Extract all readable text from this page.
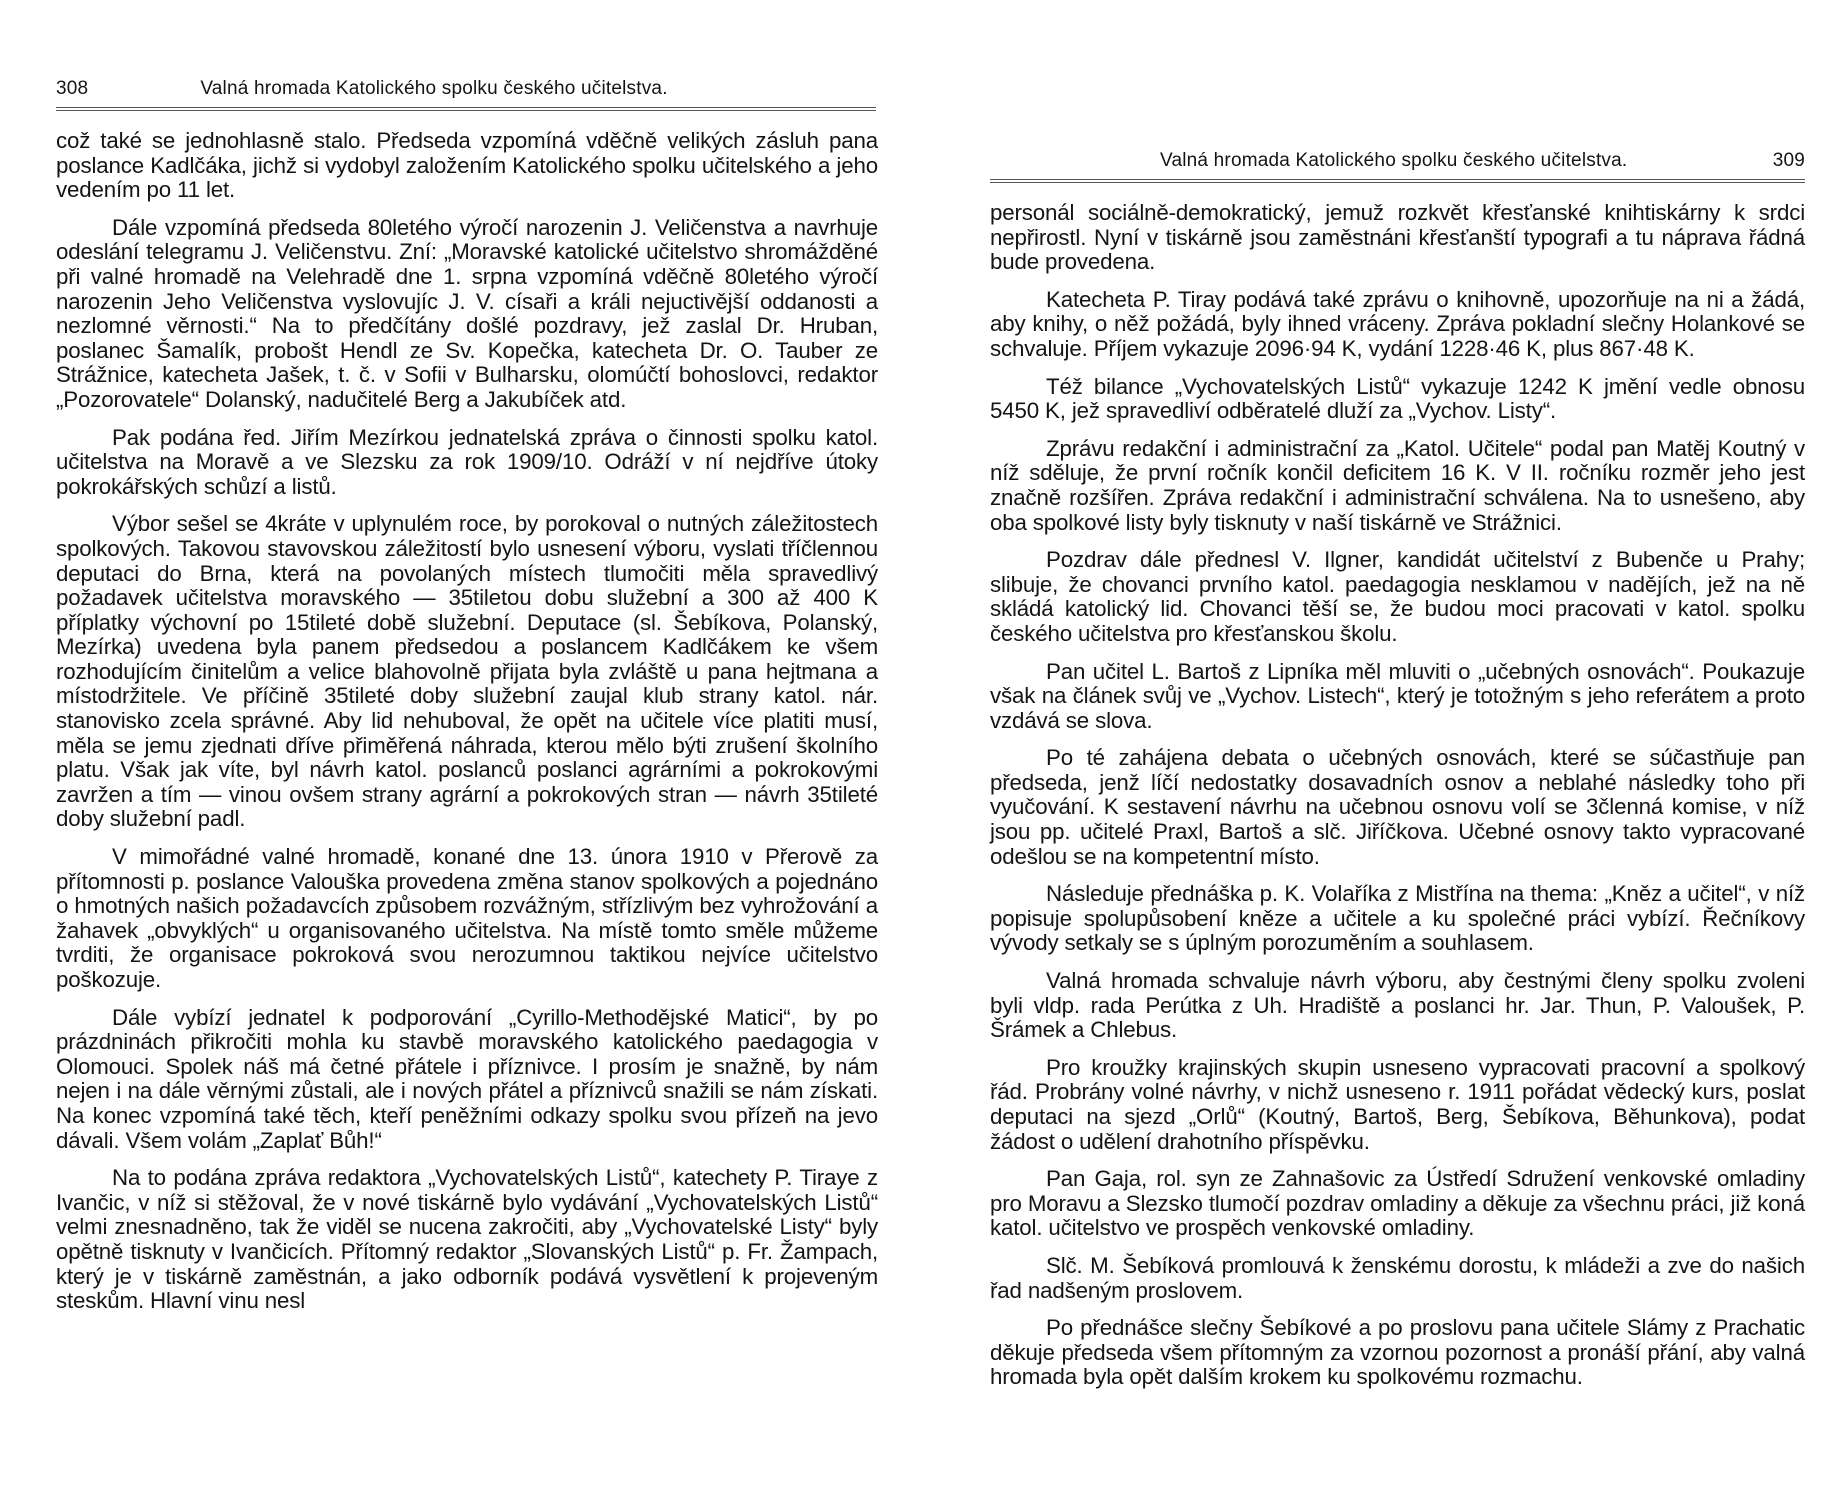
308	Valná hromada Katolického spolku českého učitelstva.

což také se jednohlasně stalo. Předseda vzpomíná vděčně velikých zásluh pana poslance Kadlčáka, jichž si vydobyl založením Katolického spolku učitelského a jeho vedením po 11 let.

Dále vzpomíná předseda 80letého výročí narozenin J. Veličenstva a navrhuje odeslání telegramu J. Veličenstvu. Zní: „Moravské katolické učitelstvo shromážděné při valné hromadě na Velehradě dne 1. srpna vzpomíná vděčně 80letého výročí narozenin Jeho Veličenstva vyslovujíc J. V. císaři a králi nejuctivější oddanosti a nezlomné věrnosti.“ Na to předčítány došlé pozdravy, jež zaslal Dr. Hruban, poslanec Šamalík, probošt Hendl ze Sv. Kopečka, katecheta Dr. O. Tauber ze Strážnice, katecheta Jašek, t. č. v Sofii v Bulharsku, olomúčtí bohoslovci, redaktor „Pozorovatele“ Dolanský, nadučitelé Berg a Jakubíček atd.

Pak podána řed. Jiřím Mezírkou jednatelská zpráva o činnosti spolku katol. učitelstva na Moravě a ve Slezsku za rok 1909/10. Odráží v ní nejdříve útoky pokrokářských schůzí a listů.

Výbor sešel se 4kráte v uplynulém roce, by porokoval o nutných záležitostech spolkových. Takovou stavovskou záležitostí bylo usnesení výboru, vyslati tříčlennou deputaci do Brna, která na povolaných místech tlumočiti měla spravedlivý požadavek učitelstva moravského — 35tiletou dobu služební a 300 až 400 K příplatky výchovní po 15tileté době služební. Deputace (sl. Šebíkova, Polanský, Mezírka) uvedena byla panem předsedou a poslancem Kadlčákem ke všem rozhodujícím činitelům a velice blahovolně přijata byla zvláště u pana hejtmana a místodržitele. Ve příčině 35tileté doby služební zaujal klub strany katol. nár. stanovisko zcela správné. Aby lid nehuboval, že opět na učitele více platiti musí, měla se jemu zjednati dříve přiměřená náhrada, kterou mělo býti zrušení školního platu. Však jak víte, byl návrh katol. poslanců poslanci agrárními a pokrokovými zavržen a tím — vinou ovšem strany agrární a pokrokových stran — návrh 35tileté doby služební padl.

V mimořádné valné hromadě, konané dne 13. února 1910 v Přerově za přítomnosti p. poslance Valouška provedena změna stanov spolkových a pojednáno o hmotných našich požadavcích způsobem rozvážným, střízlivým bez vyhrožování a žahavek „obvyklých“ u organisovaného učitelstva. Na místě tomto směle můžeme tvrditi, že organisace pokroková svou nerozumnou taktikou nejvíce učitelstvo poškozuje.

Dále vybízí jednatel k podporování „Cyrillo-Methodějské Matici“, by po prázdninách přikročiti mohla ku stavbě moravského katolického paedagogia v Olomouci. Spolek náš má četné přátele i příznivce. I prosím je snažně, by nám nejen i na dále věrnými zůstali, ale i nových přátel a příznivců snažili se nám získati. Na konec vzpomíná také těch, kteří peněžními odkazy spolku svou přízeň na jevo dávali. Všem volám „Zaplať Bůh!“

Na to podána zpráva redaktora „Vychovatelských Listů“, katechety P. Tiraye z Ivančic, v níž si stěžoval, že v nové tiskárně bylo vydávání „Vychovatelských Listů“ velmi znesnadněno, tak že viděl se nucena zakročiti, aby „Vychovatelské Listy“ byly opětně tisknuty v Ivančicích. Přítomný redaktor „Slovanských Listů“ p. Fr. Žampach, který je v tiskárně zaměstnán, a jako odborník podává vysvětlení k projeveným steskům. Hlavní vinu nesl

Valná hromada Katolického spolku českého učitelstva.	309

personál sociálně-demokratický, jemuž rozkvět křesťanské knihtiskárny k srdci nepřirostl. Nyní v tiskárně jsou zaměstnáni křesťanští typografi a tu náprava řádná bude provedena.

Katecheta P. Tiray podává také zprávu o knihovně, upozorňuje na ni a žádá, aby knihy, o něž požádá, byly ihned vráceny. Zpráva pokladní slečny Holankové se schvaluje. Příjem vykazuje 2096·94 K, vydání 1228·46 K, plus 867·48 K.

Též bilance „Vychovatelských Listů“ vykazuje 1242 K jmění vedle obnosu 5450 K, jež spravedliví odběratelé dluží za „Vychov. Listy“.

Zprávu redakční i administrační za „Katol. Učitele“ podal pan Matěj Koutný v níž sděluje, že první ročník končil deficitem 16 K. V II. ročníku rozměr jeho jest značně rozšířen. Zpráva redakční i administrační schválena. Na to usnešeno, aby oba spolkové listy byly tisknuty v naší tiskárně ve Strážnici.

Pozdrav dále přednesl V. Ilgner, kandidát učitelství z Bubenče u Prahy; slibuje, že chovanci prvního katol. paedagogia nesklamou v nadějích, jež na ně skládá katolický lid. Chovanci těší se, že budou moci pracovati v katol. spolku českého učitelstva pro křesťanskou školu.

Pan učitel L. Bartoš z Lipníka měl mluviti o „učebných osnovách“. Poukazuje však na článek svůj ve „Vychov. Listech“, který je totožným s jeho referátem a proto vzdává se slova.

Po té zahájena debata o učebných osnovách, které se súčastňuje pan předseda, jenž líčí nedostatky dosavadních osnov a neblahé následky toho při vyučování. K sestavení návrhu na učebnou osnovu volí se 3členná komise, v níž jsou pp. učitelé Praxl, Bartoš a slč. Jiříčkova. Učebné osnovy takto vypracované odešlou se na kompetentní místo.

Následuje přednáška p. K. Volaříka z Mistřína na thema: „Kněz a učitel“, v níž popisuje spolupůsobení kněze a učitele a ku společné práci vybízí. Řečníkovy vývody setkaly se s úplným porozuměním a souhlasem.

Valná hromada schvaluje návrh výboru, aby čestnými členy spolku zvoleni byli vldp. rada Perútka z Uh. Hradiště a poslanci hr. Jar. Thun, P. Valoušek, P. Šrámek a Chlebus.

Pro kroužky krajinských skupin usneseno vypracovati pracovní a spolkový řád. Probrány volné návrhy, v nichž usneseno r. 1911 pořádat vědecký kurs, poslat deputaci na sjezd „Orlů“ (Koutný, Bartoš, Berg, Šebíkova, Běhunkova), podat žádost o udělení drahotního příspěvku.

Pan Gaja, rol. syn ze Zahnašovic za Ústředí Sdružení venkovské omladiny pro Moravu a Slezsko tlumočí pozdrav omladiny a děkuje za všechnu práci, již koná katol. učitelstvo ve prospěch venkovské omladiny.

Slč. M. Šebíková promlouvá k ženskému dorostu, k mládeži a zve do našich řad nadšeným proslovem.

Po přednášce slečny Šebíkové a po proslovu pana učitele Slámy z Prachatic děkuje předseda všem přítomným za vzornou pozornost a pronáší přání, aby valná hromada byla opět dalším krokem ku spolkovému rozmachu.
